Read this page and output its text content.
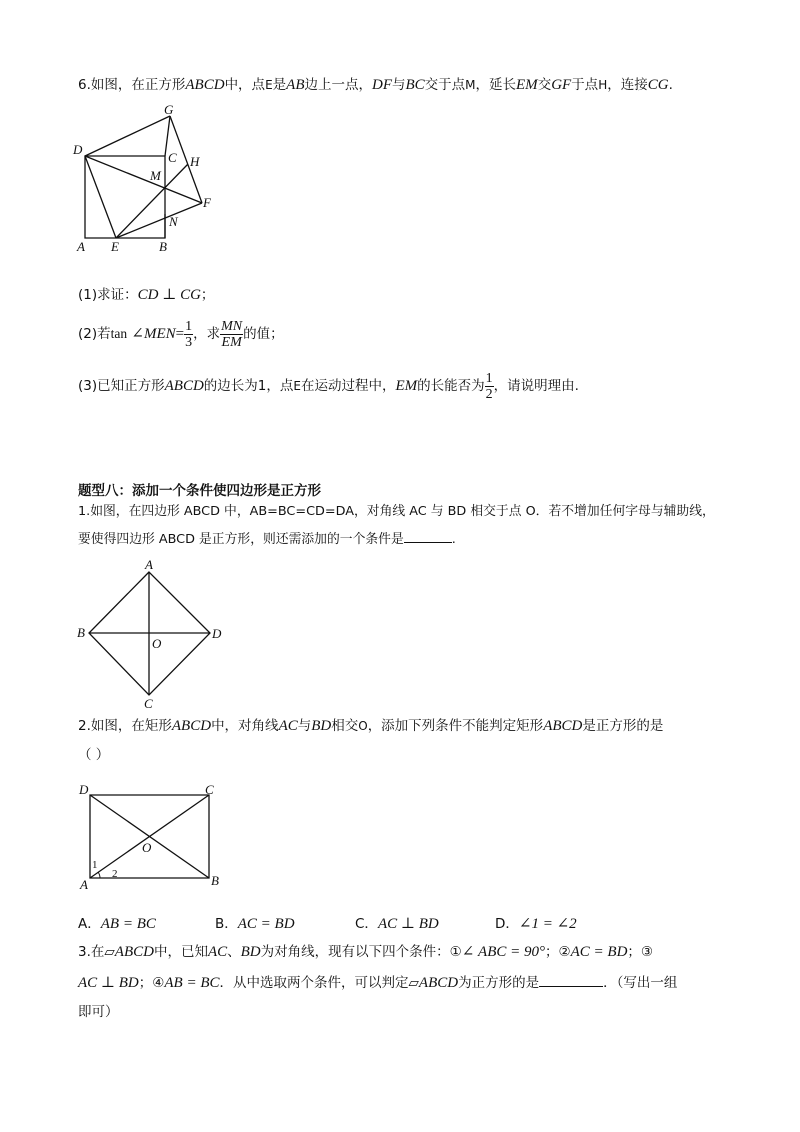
6.如图，在正方形ABCD中，点E是AB边上一点，DF与BC交于点M，延长EM交GF于点H，连接CG.
G
D
C H
M
F
N
A E	B
(1)求证：CD ⊥ CG；
(2)若tan ∠MEN= $\frac{1}{3}$ ，求 $\frac{MN}{EM}$ 的值；
(3)已知正方形ABCD的边长为1，点E在运动过程中，EM的长能否为 $\frac{1}{2}$ ，请说明理由.
题型八：添加一个条件使四边形是正方形
1.如图，在四边形 ABCD 中，AB=BC=CD=DA，对角线 AC 与 BD 相交于点 O．若不增加任何字母与辅助线，
要使得四边形 ABCD 是正方形，则还需添加的一个条件是	.
A
B
O
D
C
2.如图，在矩形ABCD中，对角线AC与BD相交O，添加下列条件不能判定矩形ABCD是正方形的是
（ ）
D	C
O
A	B
1
2
A．AB = BC	B．AC = BD	C．AC ⊥ BD	D．∠1 = ∠2
3.在▱ABCD中，已知AC、BD为对角线，现有以下四个条件：①∠ ABC = 90°；②AC = BD；③
AC ⊥ BD；④AB = BC．从中选取两个条件，可以判定▱ABCD为正方形的是	．（写出一组
即可）
